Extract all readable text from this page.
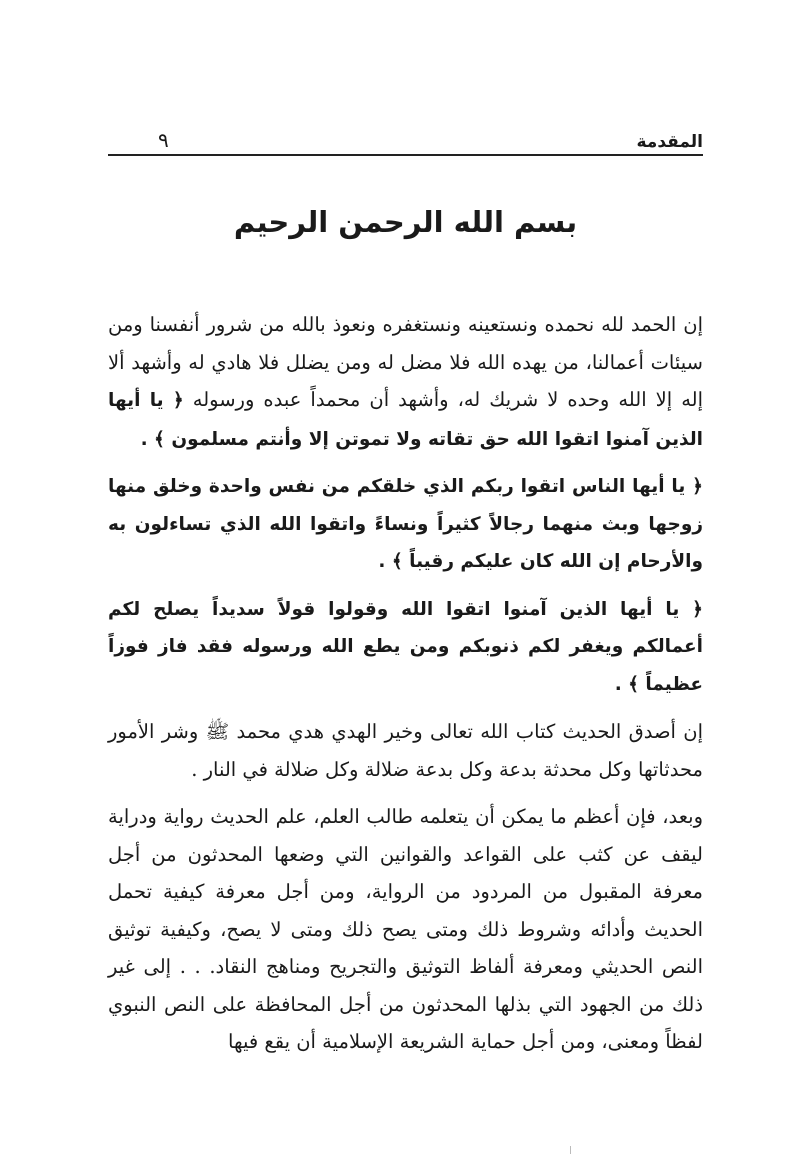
المقدمة
٩
بسم الله الرحمن الرحيم

إن الحمد لله نحمده ونستعينه ونستغفره ونعوذ بالله من شرور أنفسنا ومن سيئات أعمالنا، من يهده الله فلا مضل له ومن يضلل فلا هادي له وأشهد ألا إله إلا الله وحده لا شريك له، وأشهد أن محمداً عبده ورسوله ﴿ يا أيها الذين آمنوا اتقوا الله حق تقاته ولا تموتن إلا وأنتم مسلمون ﴾ .

﴿ يا أيها الناس اتقوا ربكم الذي خلقكم من نفس واحدة وخلق منها زوجها وبث منهما رجالاً كثيراً ونساءً واتقوا الله الذي تساءلون به والأرحام إن الله كان عليكم رقيباً ﴾ .

﴿ يا أيها الذين آمنوا اتقوا الله وقولوا قولاً سديداً يصلح لكم أعمالكم ويغفر لكم ذنوبكم ومن يطع الله ورسوله فقد فاز فوزاً عظيماً ﴾ .

إن أصدق الحديث كتاب الله تعالى وخير الهدي هدي محمد ﷺ وشر الأمور محدثاتها وكل محدثة بدعة وكل بدعة ضلالة وكل ضلالة في النار .

وبعد، فإن أعظم ما يمكن أن يتعلمه طالب العلم، علم الحديث رواية ودراية ليقف عن كثب على القواعد والقوانين التي وضعها المحدثون من أجل معرفة المقبول من المردود من الرواية، ومن أجل معرفة كيفية تحمل الحديث وأدائه وشروط ذلك ومتى يصح ذلك ومتى لا يصح، وكيفية توثيق النص الحديثي ومعرفة ألفاظ التوثيق والتجريح ومناهج النقاد. . . إلى غير ذلك من الجهود التي بذلها المحدثون من أجل المحافظة على النص النبوي لفظاً ومعنى، ومن أجل حماية الشريعة الإسلامية أن يقع فيها
